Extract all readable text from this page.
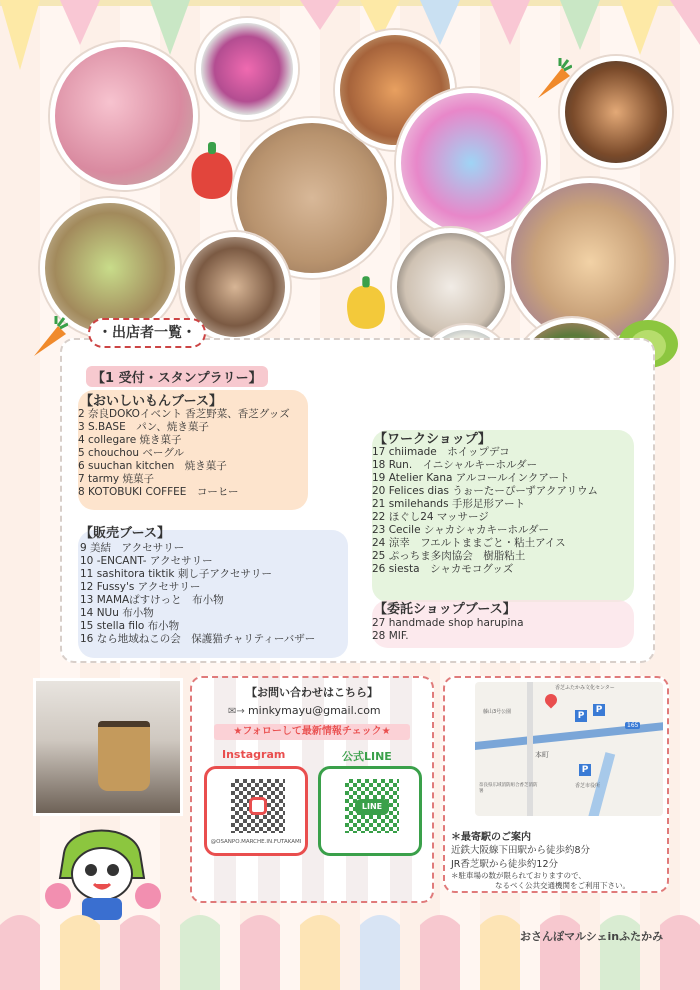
・出店者一覧・
【1 受付・スタンプラリー】
【おいしいもんブース】
2 奈良DOKOイベント 香芝野菜、香芝グッズ
3 S.BASE　パン、焼き菓子
4 collegare 焼き菓子
5 chouchou ベーグル
6 suuchan kitchen　焼き菓子
7 tarmy 焼菓子
8 KOTOBUKI COFFEE　コーヒー
【販売ブース】
9 美結　アクセサリー
10 -ENCANT- アクセサリー
11 sashitora tiktik 刺し子アクセサリー
12 Fussy's アクセサリー
13 MAMAぱすけっと　布小物
14 NUu 布小物
15 stella filo 布小物
16 なら地域ねこの会　保護猫チャリティーバザー
【ワークショップ】
17 chiimade　ホイップデコ
18 Run.　イニシャルキーホルダー
19 Atelier Kana アルコールインクアート
20 Felices dias うぉーたーぴーずアクアリウム
21 smilehands 手形足形アート
22 ほぐし24 マッサージ
23 Cecile シャカシャカキーホルダー
24 涼幸　フエルトままごと・粘土アイス
25 ぷっちま多肉協会　樹脂粘土
26 siesta　シャカモコグッズ
【委託ショップブース】
27 handmade shop harupina
28 MIF.
【お問い合わせはこちら】
✉→ minkymayu@gmail.com
★フォローして最新情報チェック★
Instagram	公式LINE
@OSANPO.MARCHE.IN.FUTAKAMI
LINE
P
P
P
香芝ふたかみ文化センター
藤山3号公園
本町
香芝市役所
奈良県広域消防組合香芝消防署
165
＊最寄駅のご案内
近鉄大阪線下田駅から徒歩約8分
JR香芝駅から徒歩約12分
＊駐車場の数が限られておりますので、
なるべく公共交通機関をご利用下さい。
おさんぽマルシェinふたかみ
